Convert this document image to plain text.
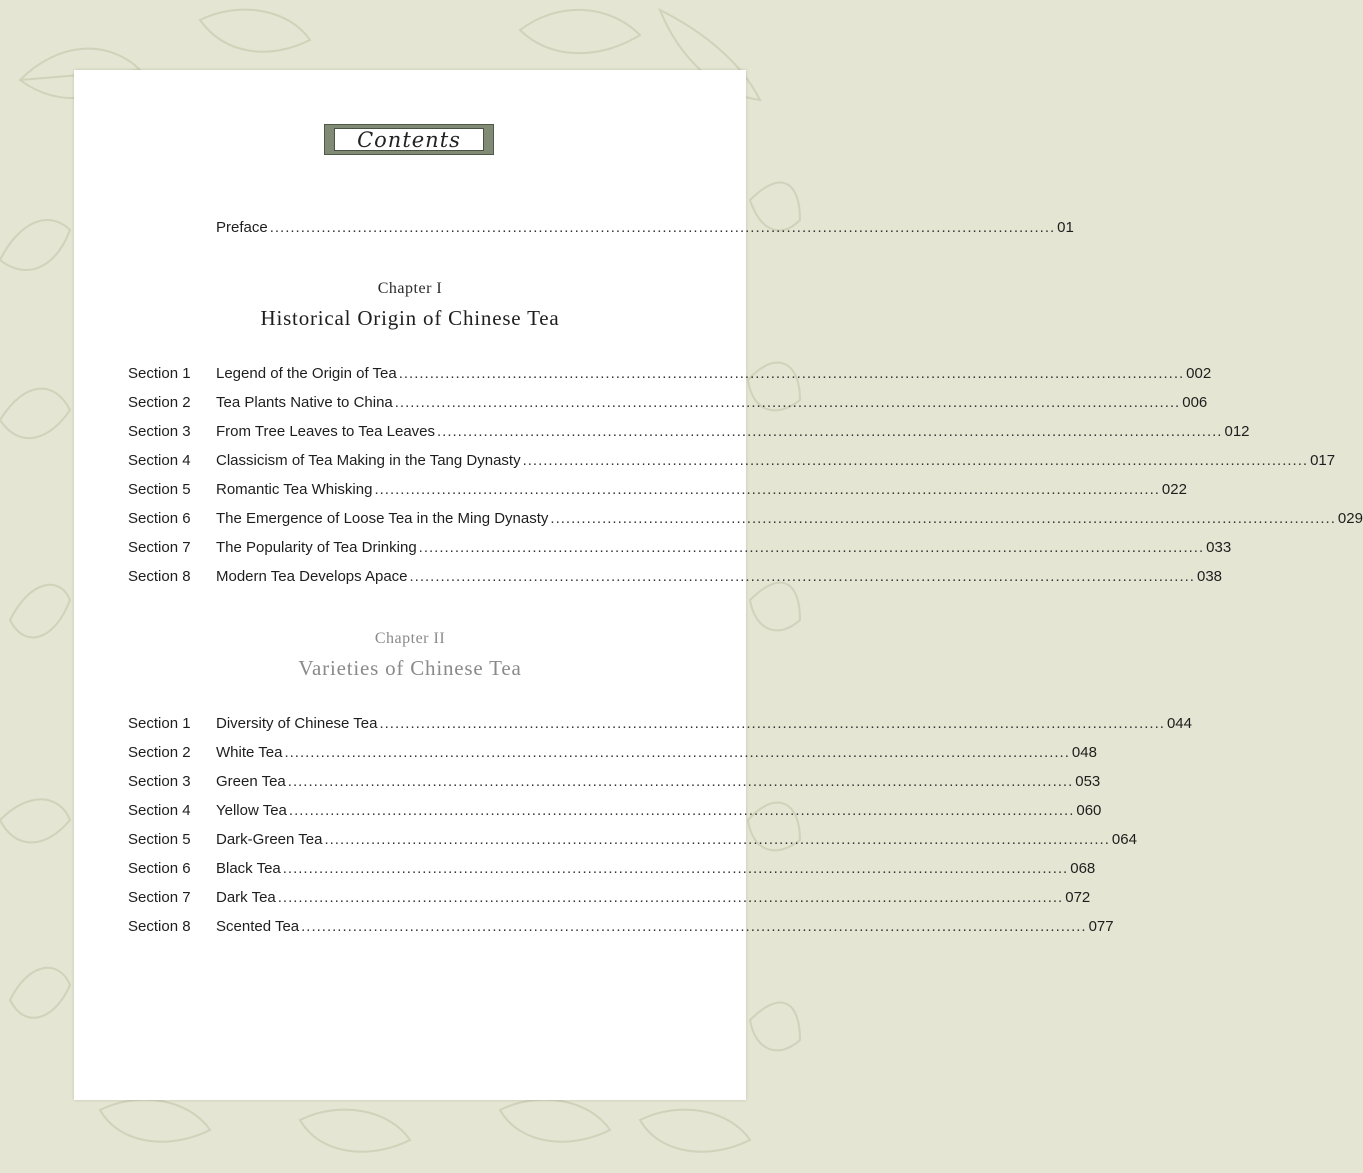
Contents
Preface ........................................................................................................................................................ 01
Chapter I
Historical Origin of Chinese Tea
Section 1 Legend of the Origin of Tea ........................................................................................................................................................ 002
Section 2 Tea Plants Native to China ........................................................................................................................................................ 006
Section 3 From Tree Leaves to Tea Leaves ........................................................................................................................................................ 012
Section 4 Classicism of Tea Making in the Tang Dynasty ........................................................................................................................................................ 017
Section 5 Romantic Tea Whisking ........................................................................................................................................................ 022
Section 6 The Emergence of Loose Tea in the Ming Dynasty ........................................................................................................................................................ 029
Section 7 The Popularity of Tea Drinking ........................................................................................................................................................ 033
Section 8 Modern Tea Develops Apace ........................................................................................................................................................ 038
Chapter II
Varieties of Chinese Tea
Section 1 Diversity of Chinese Tea ........................................................................................................................................................ 044
Section 2 White Tea ........................................................................................................................................................ 048
Section 3 Green Tea ........................................................................................................................................................ 053
Section 4 Yellow Tea ........................................................................................................................................................ 060
Section 5 Dark-Green Tea ........................................................................................................................................................ 064
Section 6 Black Tea ........................................................................................................................................................ 068
Section 7 Dark Tea ........................................................................................................................................................ 072
Section 8 Scented Tea ........................................................................................................................................................ 077
